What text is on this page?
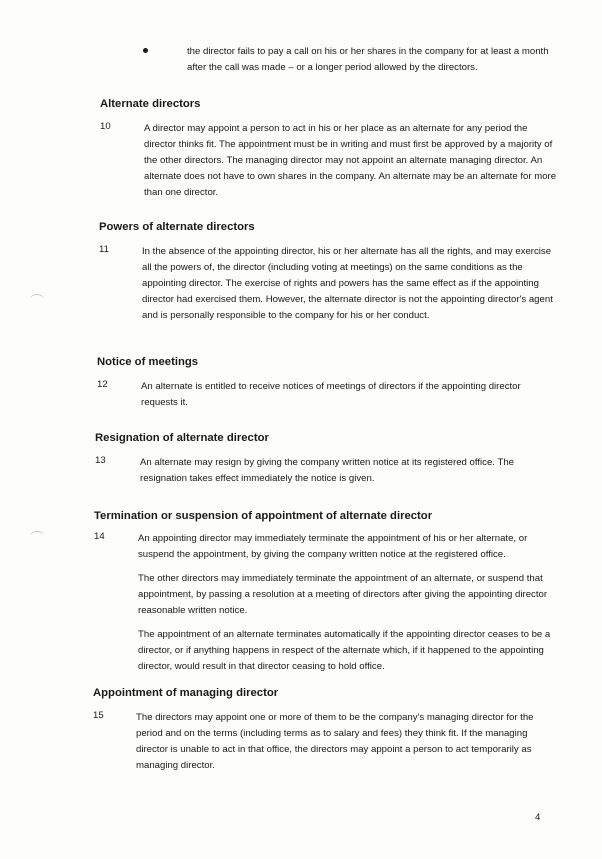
the director fails to pay a call on his or her shares in the company for at least a month after the call was made – or a longer period allowed by the directors.
Alternate directors
10	A director may appoint a person to act in his or her place as an alternate for any period the director thinks fit. The appointment must be in writing and must first be approved by a majority of the other directors. The managing director may not appoint an alternate managing director. An alternate does not have to own shares in the company. An alternate may be an alternate for more than one director.

Powers of alternate directors
11	In the absence of the appointing director, his or her alternate has all the rights, and may exercise all the powers of, the director (including voting at meetings) on the same conditions as the appointing director. The exercise of rights and powers has the same effect as if the appointing director had exercised them. However, the alternate director is not the appointing director's agent and is personally responsible to the company for his or her conduct.

Notice of meetings
12	An alternate is entitled to receive notices of meetings of directors if the appointing director requests it.

Resignation of alternate director
13	An alternate may resign by giving the company written notice at its registered office. The resignation takes effect immediately the notice is given.

Termination or suspension of appointment of alternate director
14	An appointing director may immediately terminate the appointment of his or her alternate, or suspend the appointment, by giving the company written notice at the registered office.

The other directors may immediately terminate the appointment of an alternate, or suspend that appointment, by passing a resolution at a meeting of directors after giving the appointing director reasonable written notice.

The appointment of an alternate terminates automatically if the appointing director ceases to be a director, or if anything happens in respect of the alternate which, if it happened to the appointing director, would result in that director ceasing to hold office.

Appointment of managing director
15	The directors may appoint one or more of them to be the company's managing director for the period and on the terms (including terms as to salary and fees) they think fit. If the managing director is unable to act in that office, the directors may appoint a person to act temporarily as managing director.

4
